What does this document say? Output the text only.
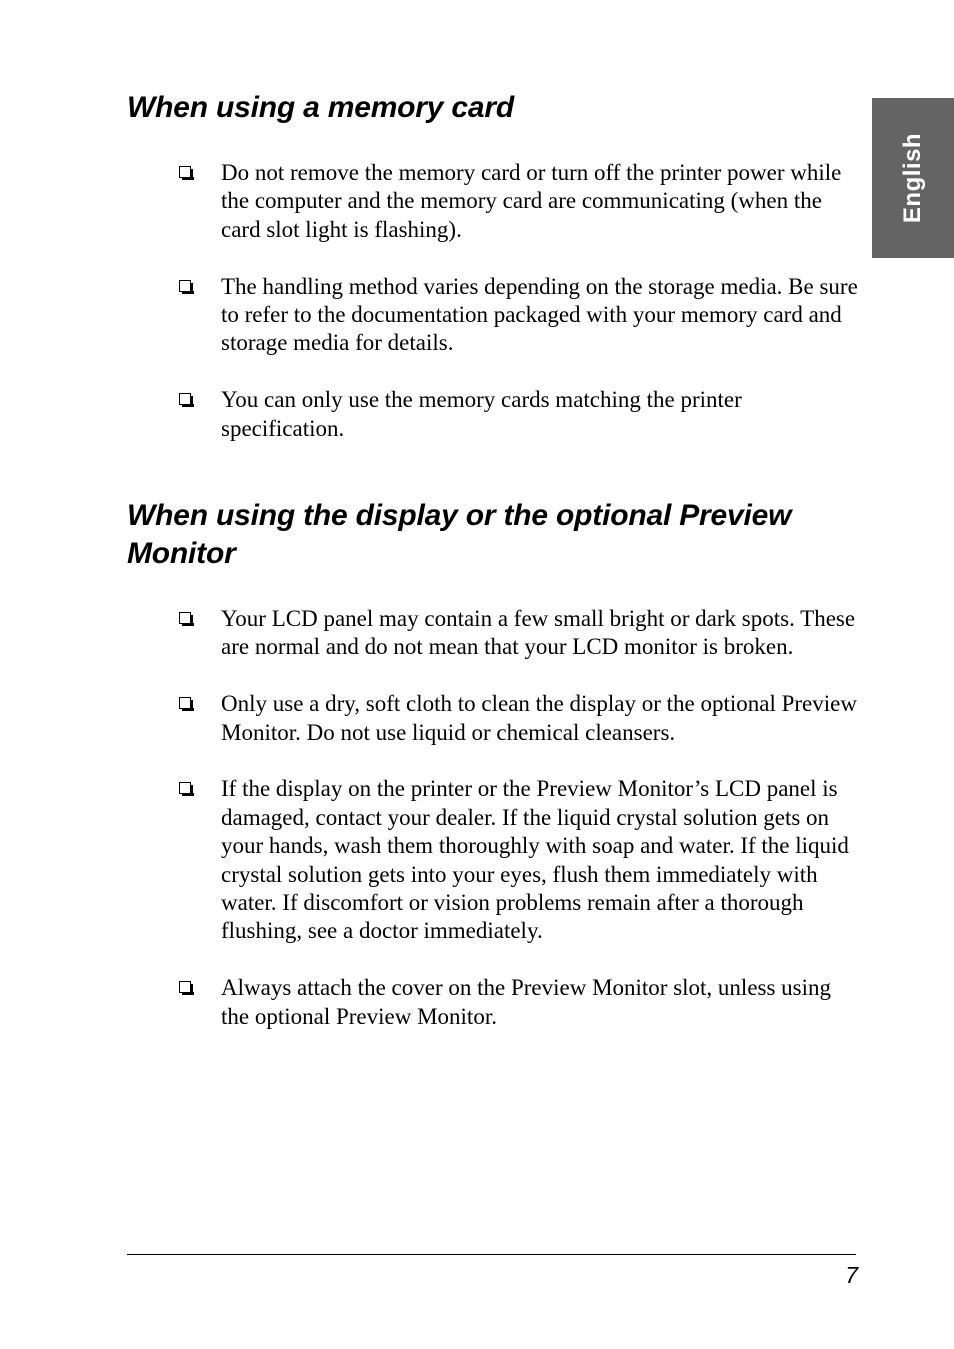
English
When using a memory card
Do not remove the memory card or turn off the printer power while the computer and the memory card are communicating (when the card slot light is flashing).
The handling method varies depending on the storage media. Be sure to refer to the documentation packaged with your memory card and storage media for details.
You can only use the memory cards matching the printer specification.
When using the display or the optional Preview Monitor
Your LCD panel may contain a few small bright or dark spots. These are normal and do not mean that your LCD monitor is broken.
Only use a dry, soft cloth to clean the display or the optional Preview Monitor. Do not use liquid or chemical cleansers.
If the display on the printer or the Preview Monitor’s LCD panel is damaged, contact your dealer. If the liquid crystal solution gets on your hands, wash them thoroughly with soap and water. If the liquid crystal solution gets into your eyes, flush them immediately with water. If discomfort or vision problems remain after a thorough flushing, see a doctor immediately.
Always attach the cover on the Preview Monitor slot, unless using the optional Preview Monitor.
7
